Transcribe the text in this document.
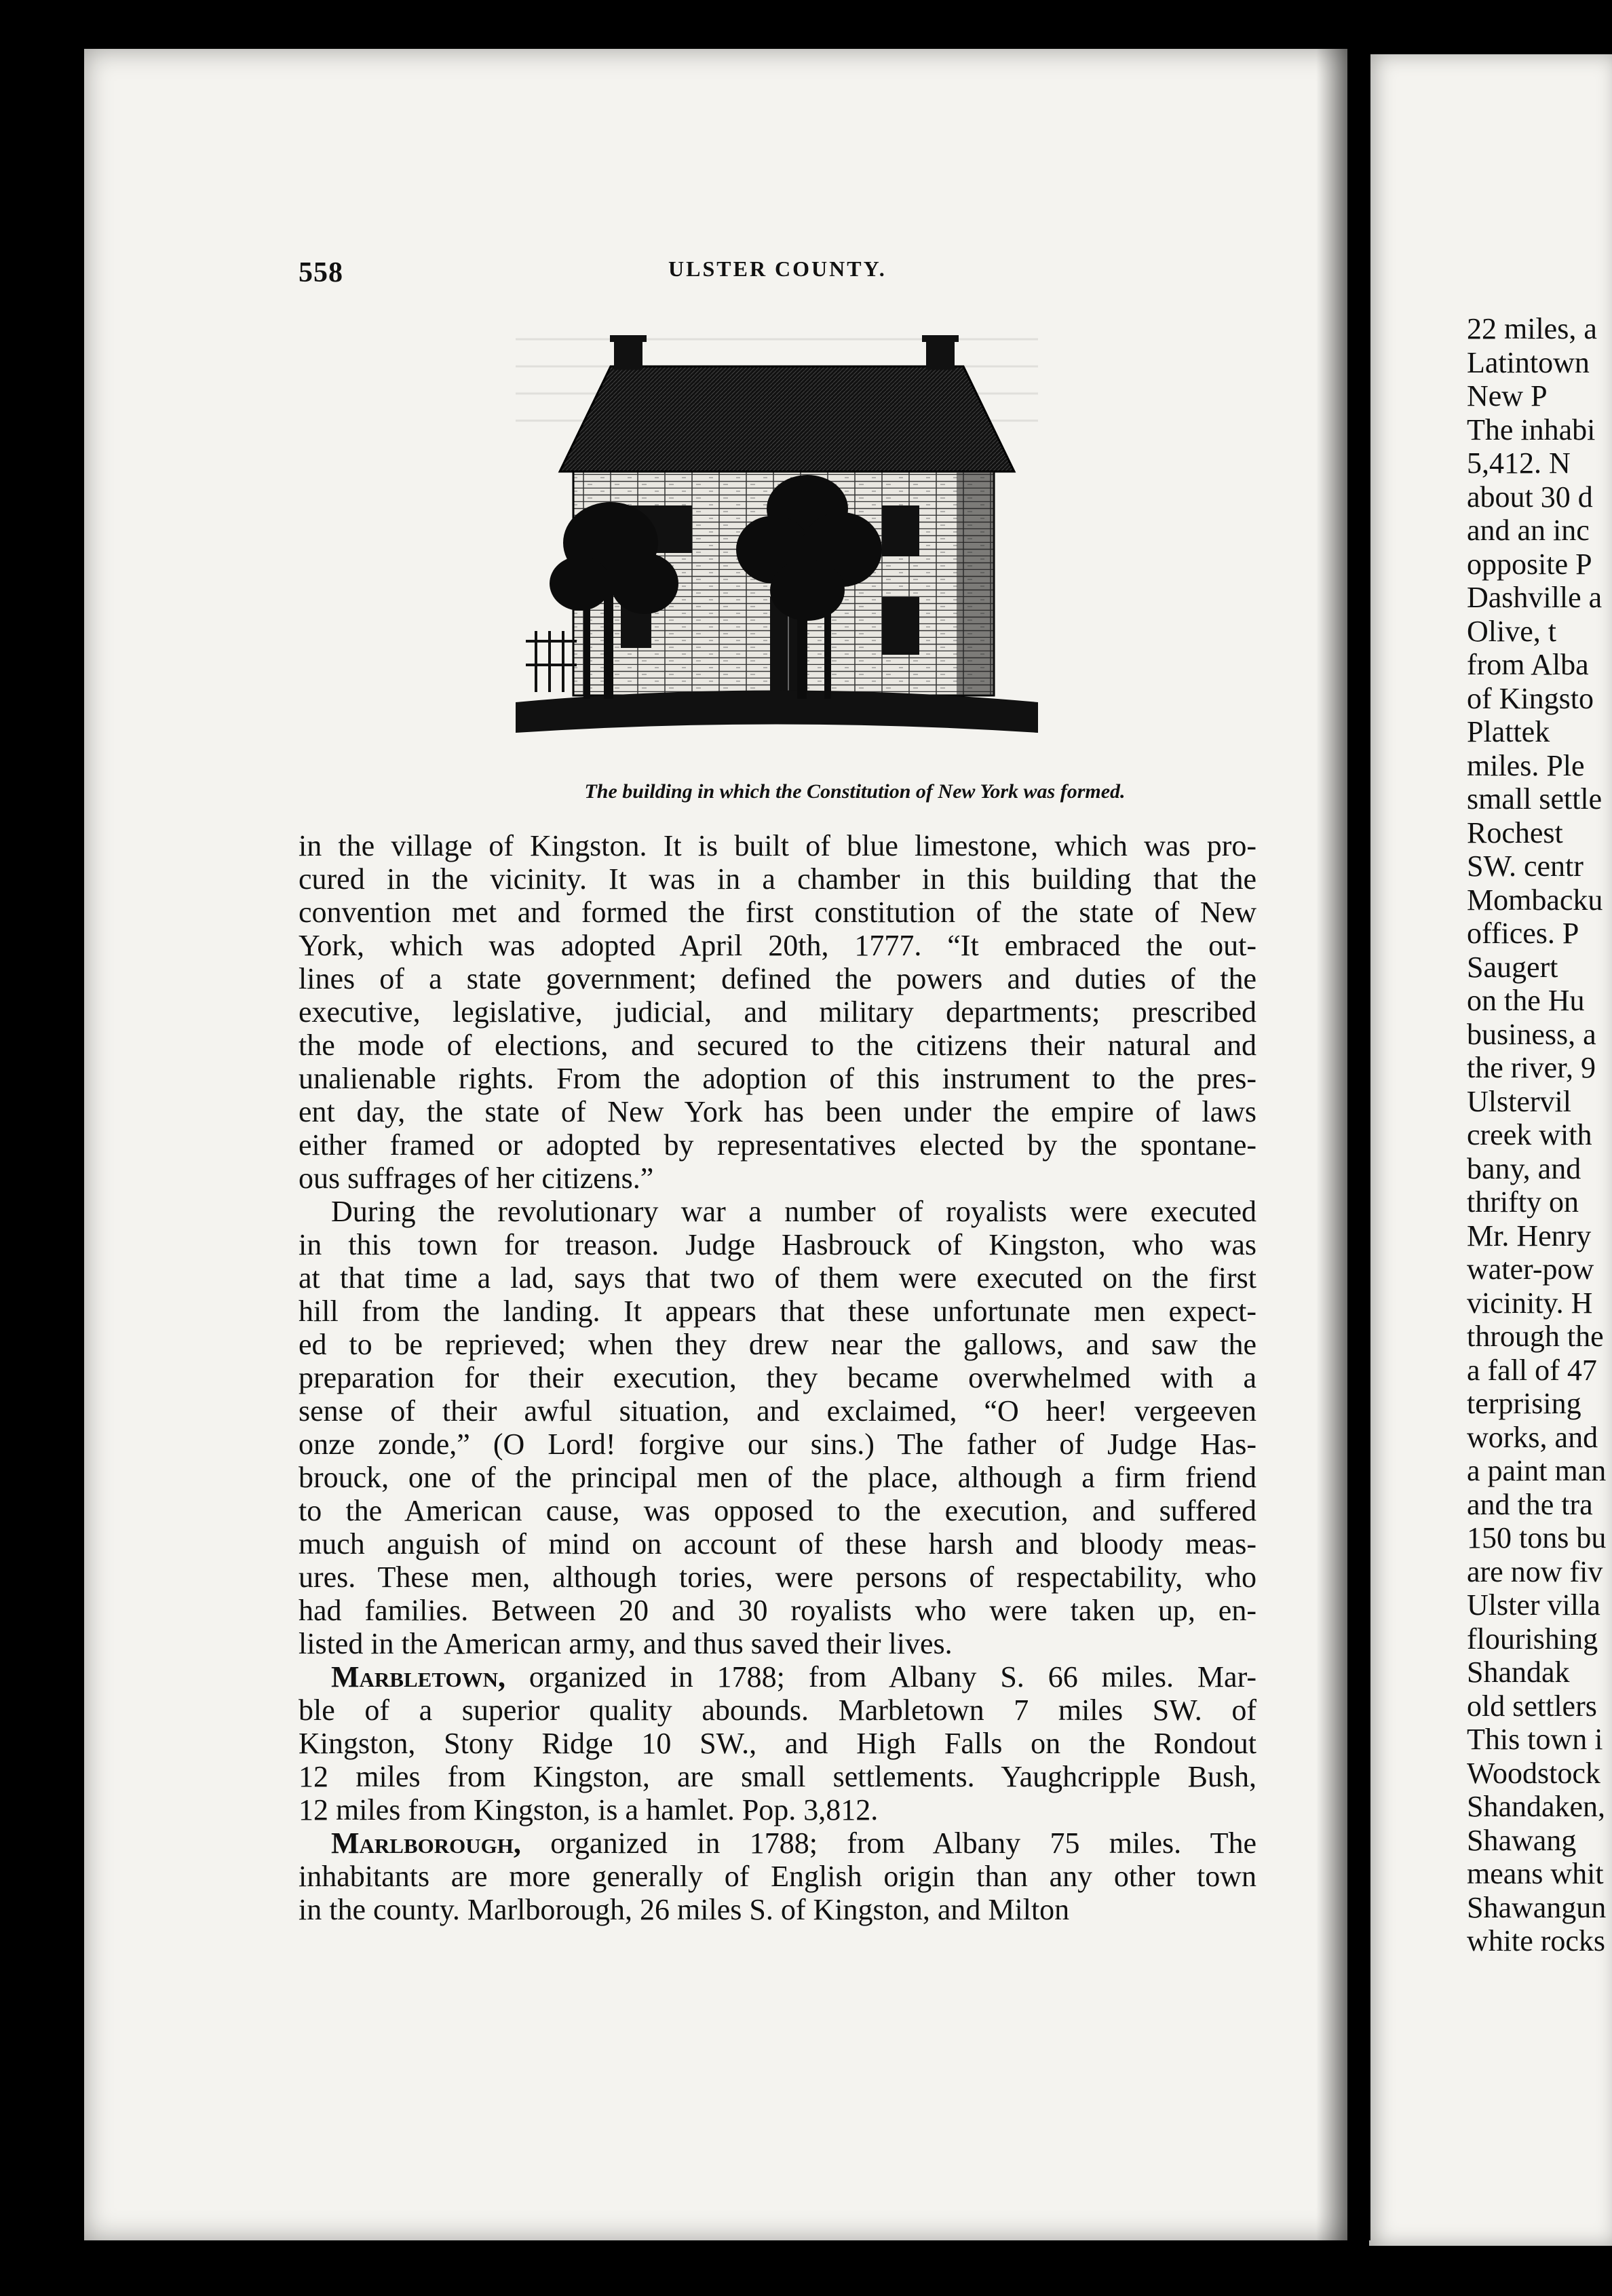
558	ULSTER COUNTY.
The building in which the Constitution of New York was formed.

in the village of Kingston. It is built of blue limestone, which was pro-

cured in the vicinity. It was in a chamber in this building that the

convention met and formed the first constitution of the state of New

York, which was adopted April 20th, 1777. “It embraced the out-

lines of a state government; defined the powers and duties of the

executive, legislative, judicial, and military departments; prescribed

the mode of elections, and secured to the citizens their natural and

unalienable rights. From the adoption of this instrument to the pres-

ent day, the state of New York has been under the empire of laws

either framed or adopted by representatives elected by the spontane-

ous suffrages of her citizens.”

During the revolutionary war a number of royalists were executed

in this town for treason. Judge Hasbrouck of Kingston, who was

at that time a lad, says that two of them were executed on the first

hill from the landing. It appears that these unfortunate men expect-

ed to be reprieved; when they drew near the gallows, and saw the

preparation for their execution, they became overwhelmed with a

sense of their awful situation, and exclaimed, “O heer! vergeeven

onze zonde,” (O Lord! forgive our sins.) The father of Judge Has-

brouck, one of the principal men of the place, although a firm friend

to the American cause, was opposed to the execution, and suffered

much anguish of mind on account of these harsh and bloody meas-

ures. These men, although tories, were persons of respectability, who

had families. Between 20 and 30 royalists who were taken up, en-

listed in the American army, and thus saved their lives.

Marbletown, organized in 1788; from Albany S. 66 miles. Mar-

ble of a superior quality abounds. Marbletown 7 miles SW. of

Kingston, Stony Ridge 10 SW., and High Falls on the Rondout

12 miles from Kingston, are small settlements. Yaughcripple Bush,

12 miles from Kingston, is a hamlet. Pop. 3,812.

Marlborough, organized in 1788; from Albany 75 miles. The

inhabitants are more generally of English origin than any other town

in the county. Marlborough, 26 miles S. of Kingston, and Milton

22 miles, a
Latintown
New P
The inhabi
5,412. N
about 30 d
and an inc
opposite P
Dashville a
Olive, t
from Alba
of Kingsto
Plattek
miles. Ple
small settle
Rochest
SW. centr
Mombacku
offices. P
Saugert
on the Hu
business, a
the river, 9
Ulstervil
creek with
bany, and
thrifty on
Mr. Henry
water-pow
vicinity. H
through the
a fall of 47
terprising
works, and
a paint man
and the tra
150 tons bu
are now fiv
Ulster villa
flourishing
Shandak
old settlers
This town i
Woodstock
Shandaken,
Shawang
means whit
Shawangun
white rocks
